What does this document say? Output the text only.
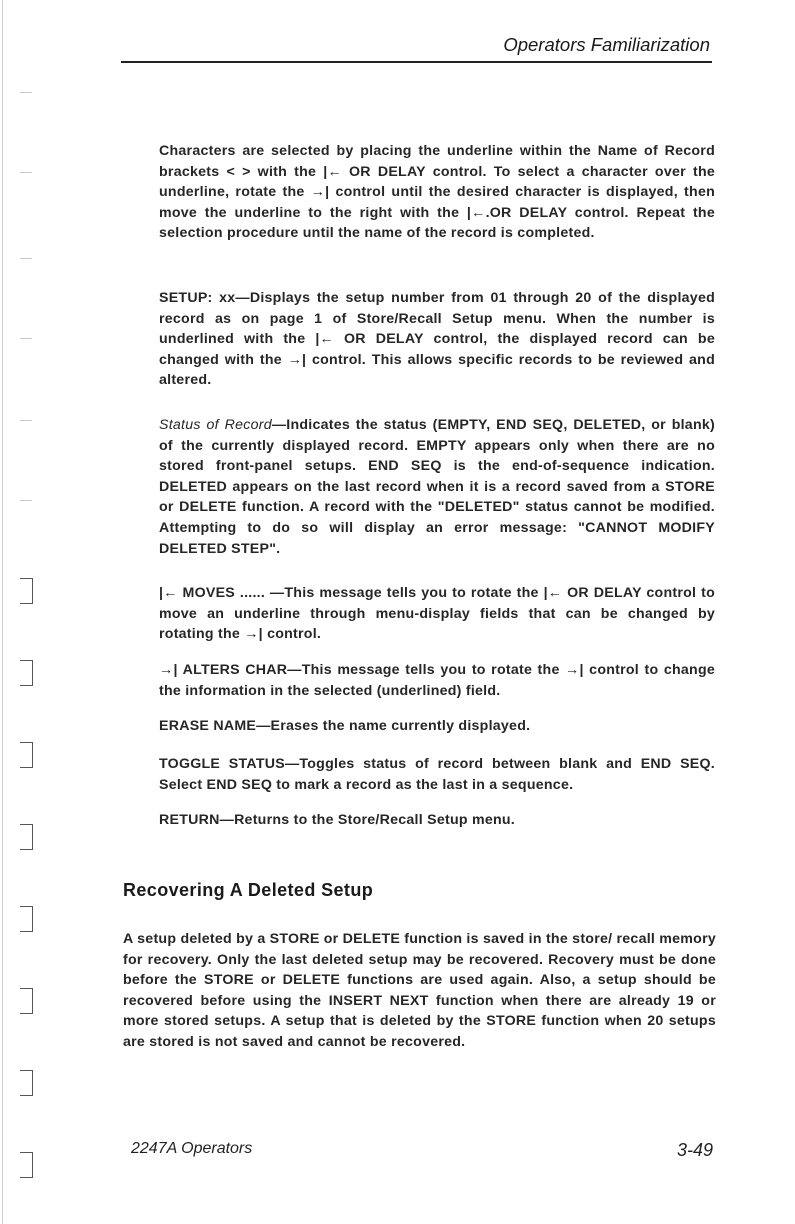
Operators Familiarization

Characters are selected by placing the underline within the Name of Record brackets < > with the |← OR DELAY control. To select a character over the underline, rotate the →| control until the desired character is displayed, then move the underline to the right with the |←.OR DELAY control. Repeat the selection procedure until the name of the record is completed.

SETUP: xx—Displays the setup number from 01 through 20 of the displayed record as on page 1 of Store/Recall Setup menu. When the number is underlined with the |← OR DELAY control, the displayed record can be changed with the →| control. This allows specific records to be reviewed and altered.

Status of Record—Indicates the status (EMPTY, END SEQ, DELETED, or blank) of the currently displayed record. EMPTY appears only when there are no stored front-panel setups. END SEQ is the end-of-sequence indication. DELETED appears on the last record when it is a record saved from a STORE or DELETE function. A record with the "DELETED" status cannot be modified. Attempting to do so will display an error message: "CANNOT MODIFY DELETED STEP".

|← MOVES ...... —This message tells you to rotate the |← OR DELAY control to move an underline through menu-display fields that can be changed by rotating the →| control.

→| ALTERS CHAR—This message tells you to rotate the →| control to change the information in the selected (underlined) field.

ERASE NAME—Erases the name currently displayed.

TOGGLE STATUS—Toggles status of record between blank and END SEQ. Select END SEQ to mark a record as the last in a sequence.

RETURN—Returns to the Store/Recall Setup menu.

Recovering A Deleted Setup

A setup deleted by a STORE or DELETE function is saved in the store/ recall memory for recovery. Only the last deleted setup may be recovered. Recovery must be done before the STORE or DELETE functions are used again. Also, a setup should be recovered before using the INSERT NEXT function when there are already 19 or more stored setups. A setup that is deleted by the STORE function when 20 setups are stored is not saved and cannot be recovered.

2247A Operators	3-49
